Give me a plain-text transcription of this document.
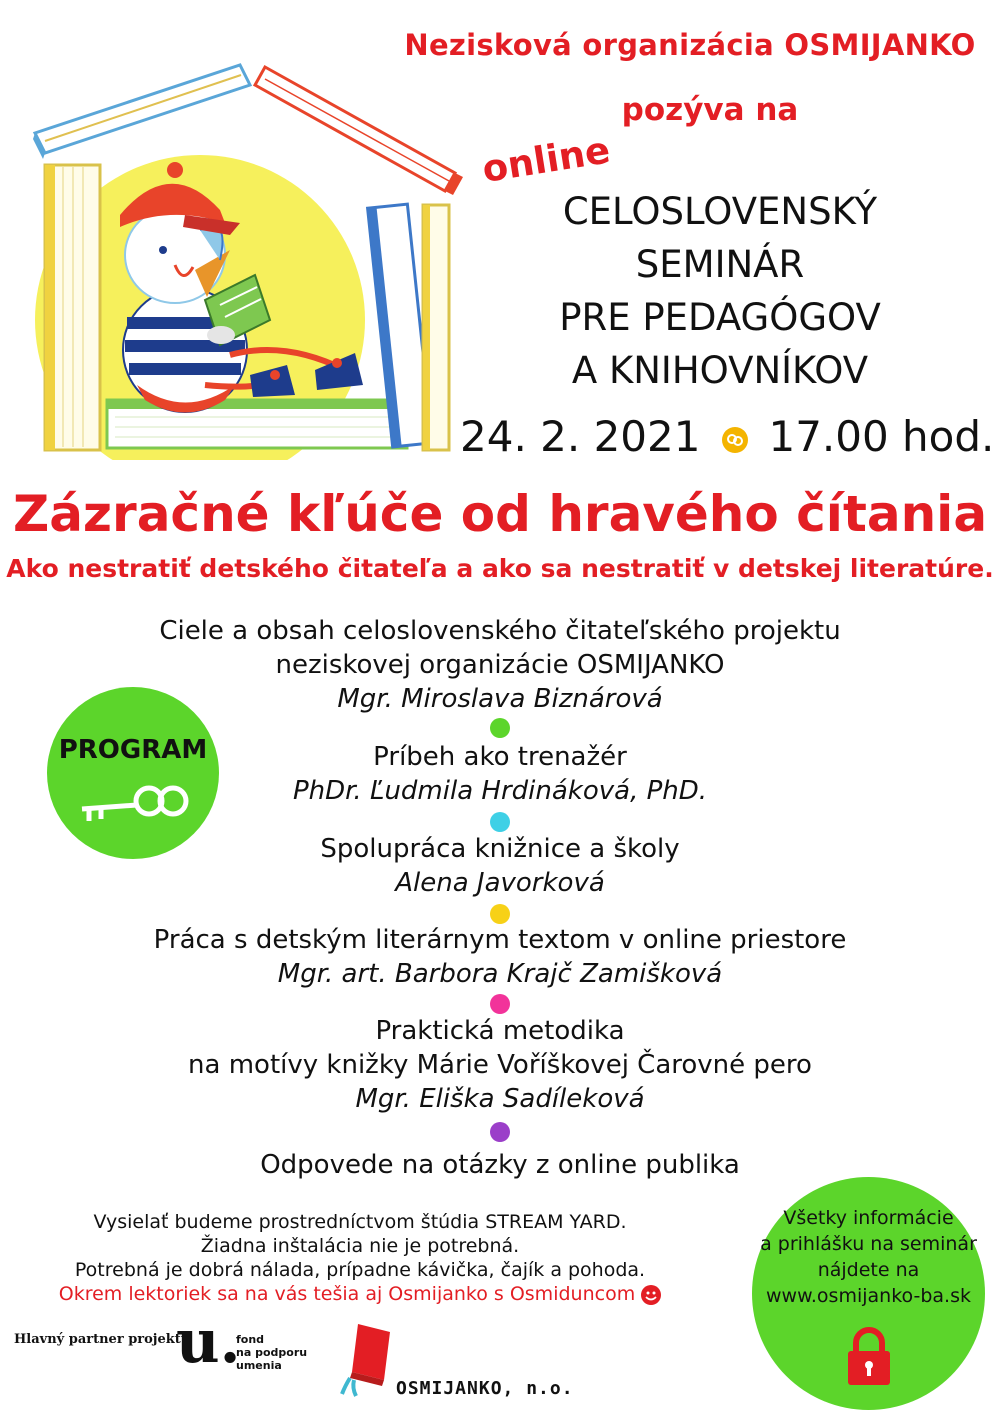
Nezisková organizácia OSMIJANKO
pozýva na
online
CELOSLOVENSKÝ
SEMINÁR
PRE PEDAGÓGOV
A KNIHOVNÍKOV
24. 2. 2021 17.00 hod.
Zázračné kľúče od hravého čítania
Ako nestratiť detského čitateľa a ako sa nestratiť v detskej literatúre.
PROGRAM
Ciele a obsah celoslovenského čitateľského projektu
neziskovej organizácie OSMIJANKO
Mgr. Miroslava Biznárová
Príbeh ako trenažér
PhDr. Ľudmila Hrdináková, PhD.
Spolupráca knižnice a školy
Alena Javorková
Práca s detským literárnym textom v online priestore
Mgr. art. Barbora Krajč Zamišková
Praktická metodika
na motívy knižky Márie Voříškovej Čarovné pero
Mgr. Eliška Sadíleková
Odpovede na otázky z online publika
Vysielať budeme prostredníctvom štúdia STREAM YARD.
Žiadna inštalácia nie je potrebná.
Potrebná je dobrá nálada, prípadne kávička, čajík a pohoda.
Okrem lektoriek sa na vás tešia aj Osmijanko s Osmiduncom
Všetky informácie
a prihlášku na seminár
nájdete na
www.osmijanko-ba.sk
Hlavný partner projektu
u.
fond
na podporu
umenia
OSMIJANKO, n.o.
